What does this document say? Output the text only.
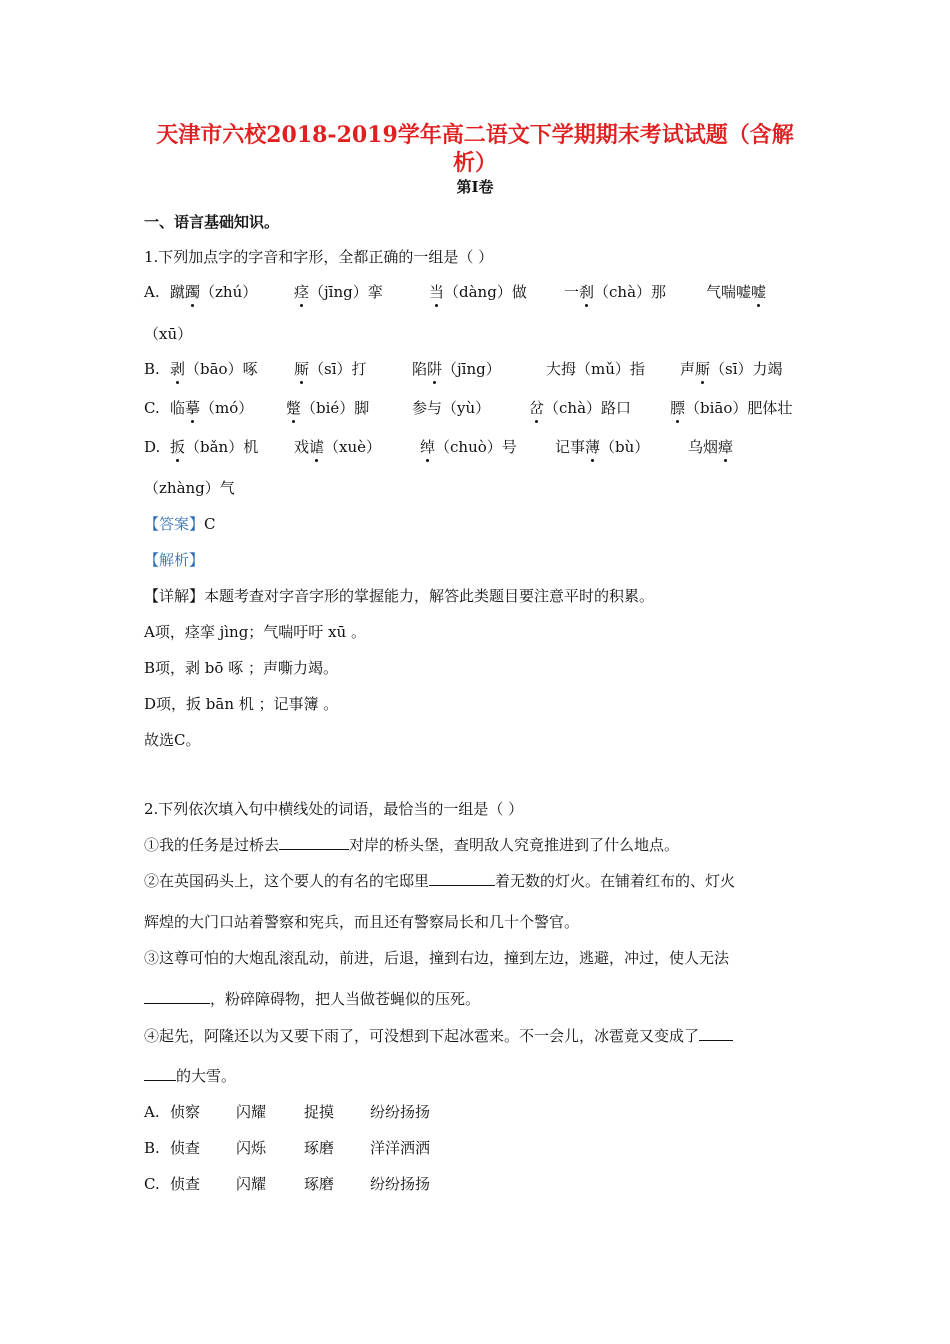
天津市六校2018-2019学年高二语文下学期期末考试试题（含解析）
第Ⅰ卷
一、语言基础知识。
1.下列加点字的字音和字形，全都正确的一组是（ ）
A. 蹴躅（zhú） 痉（jīng）挛	当（dàng）做 一刹（chà）那	气喘嘘嘘
（xū）
B. 剥（bāo）啄 厮（sī）打	陷阱（jīng）	大拇（mǔ）指 声厮（sī）力竭
C. 临摹（mó） 蹩（bié）脚	参与（yù）	岔（chà）路口	膘（biāo）肥体壮
D. 扳（bǎn）机 戏谑（xuè）	绰（chuò）号	记事薄（bù）	乌烟瘴
（zhàng）气
【答案】C
【解析】
【详解】本题考查对字音字形的掌握能力，解答此类题目要注意平时的积累。
A项，痉挛 jìng；气喘吁吁 xū 。
B项，剥 bō 啄 ；声嘶力竭。
D项，扳 bān 机 ；记事簿 。
故选C。
2.下列依次填入句中横线处的词语，最恰当的一组是（ ）
①我的任务是过桥去	对岸的桥头堡，查明敌人究竟推进到了什么地点。
②在英国码头上，这个要人的有名的宅邸里	着无数的灯火。在铺着红布的、灯火
辉煌的大门口站着警察和宪兵，而且还有警察局长和几十个警官。
③这尊可怕的大炮乱滚乱动，前进，后退，撞到右边，撞到左边，逃避，冲过，使人无法
，粉碎障碍物，把人当做苍蝇似的压死。
④起先，阿隆还以为又要下雨了，可没想到下起冰雹来。不一会儿，冰雹竟又变成了
的大雪。
A. 侦察 闪耀	捉摸 纷纷扬扬
B. 侦查 闪烁	琢磨 洋洋洒洒
C. 侦查 闪耀	琢磨 纷纷扬扬
